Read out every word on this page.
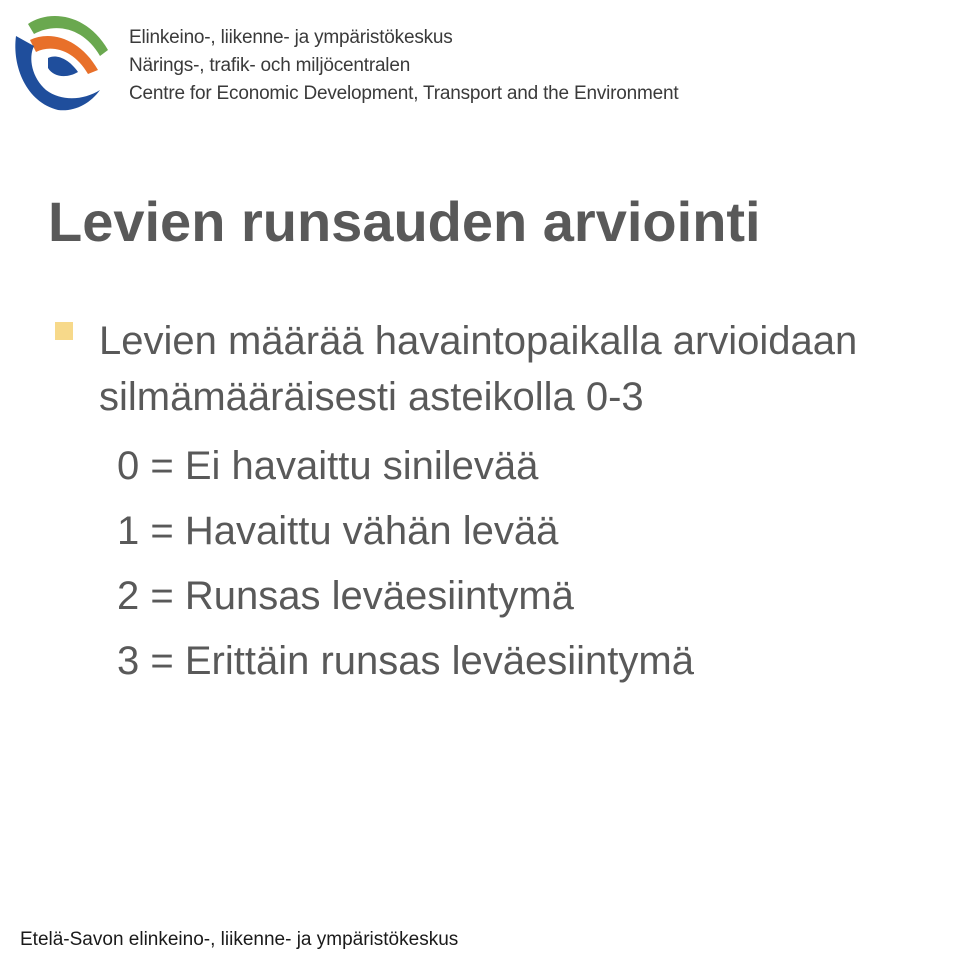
Elinkeino-, liikenne- ja ympäristökeskus
Närings-, trafik- och miljöcentralen
Centre for Economic Development, Transport and the Environment
Levien runsauden arviointi
Levien määrää havaintopaikalla arvioidaan
silmämääräisesti asteikolla 0-3
0 = Ei havaittu sinilevää
1 = Havaittu vähän levää
2 = Runsas leväesiintymä
3 = Erittäin runsas leväesiintymä
Etelä-Savon elinkeino-, liikenne- ja ympäristökeskus
